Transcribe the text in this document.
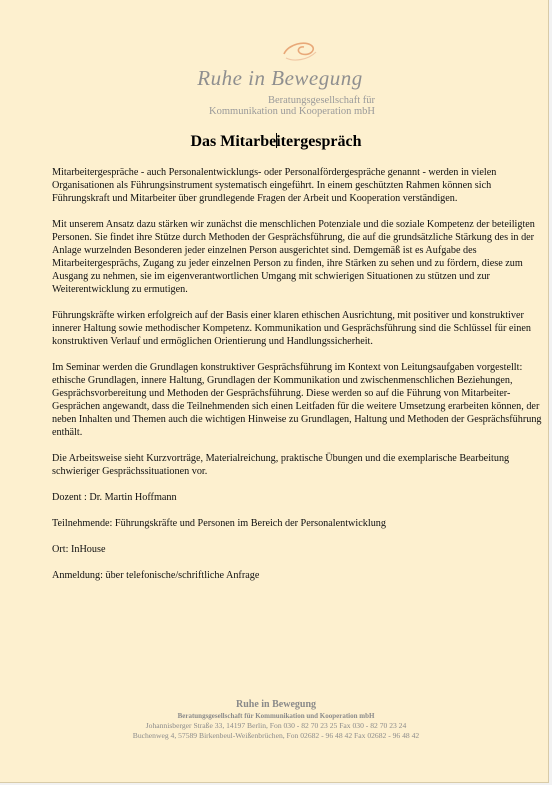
Ruhe in Bewegung
Beratungsgesellschaft für
Kommunikation und Kooperation mbH
Das Mitarbeitergespräch

Mitarbeitergespräche - auch Personalentwicklungs- oder Personalfördergespräche genannt - werden in vielen Organisationen als Führungsinstrument systematisch eingeführt. In einem geschützten Rahmen können sich Führungskraft und Mitarbeiter über grundlegende Fragen der Arbeit und Kooperation verständigen.

Mit unserem Ansatz dazu stärken wir zunächst die menschlichen Potenziale und die soziale Kompetenz der beteiligten Personen. Sie findet ihre Stütze durch Methoden der Gesprächsführung, die auf die grundsätzliche Stärkung des in der Anlage wurzelnden Besonderen jeder einzelnen Person ausgerichtet sind. Demgemäß ist es Aufgabe des Mitarbeitergesprächs, Zugang zu jeder einzelnen Person zu finden, ihre Stärken zu sehen und zu fördern, diese zum Ausgang zu nehmen, sie im eigenverantwortlichen Umgang mit schwierigen Situationen zu stützen und zur Weiterentwicklung zu ermutigen.

Führungskräfte wirken erfolgreich auf der Basis einer klaren ethischen Ausrichtung, mit positiver und konstruktiver innerer Haltung sowie methodischer Kompetenz. Kommunikation und Gesprächsführung sind die Schlüssel für einen konstruktiven Verlauf und ermöglichen Orientierung und Handlungssicherheit.

Im Seminar werden die Grundlagen konstruktiver Gesprächsführung im Kontext von Leitungsaufgaben vorgestellt: ethische Grundlagen, innere Haltung, Grundlagen der Kommunikation und zwischenmenschlichen Beziehungen, Gesprächsvorbereitung und Methoden der Gesprächsführung. Diese werden so auf die Führung von Mitarbeiter-Gesprächen angewandt, dass die Teilnehmenden sich einen Leitfaden für die weitere Umsetzung erarbeiten können, der neben Inhalten und Themen auch die wichtigen Hinweise zu Grundlagen, Haltung und Methoden der Gesprächsführung enthält.

Die Arbeitsweise sieht Kurzvorträge, Materialreichung, praktische Übungen und die exemplarische Bearbeitung schwieriger Gesprächssituationen vor.

Dozent : Dr. Martin Hoffmann

Teilnehmende: Führungskräfte und Personen im Bereich der Personalentwicklung

Ort: InHouse

Anmeldung: über telefonische/schriftliche Anfrage

Ruhe in Bewegung
Beratungsgesellschaft für Kommunikation und Kooperation mbH
Johannisberger Straße 33, 14197 Berlin, Fon 030 - 82 70 23 25 Fax 030 - 82 70 23 24
Buchenweg 4, 57589 Birkenbeul-Weißenbrüchen, Fon 02682 - 96 48 42 Fax 02682 - 96 48 42
